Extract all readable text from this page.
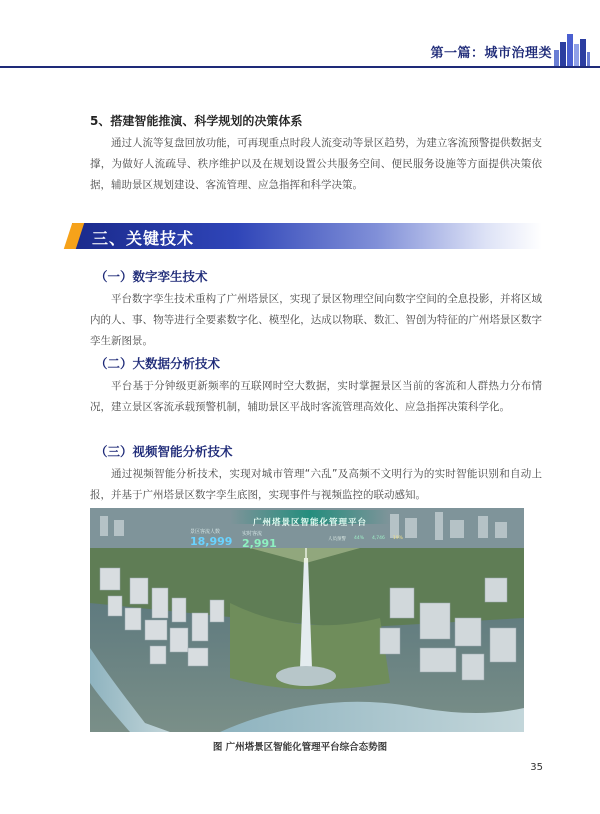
第一篇：城市治理类
5、搭建智能推演、科学规划的决策体系
通过人流等复盘回放功能，可再现重点时段人流变动等景区趋势，为建立客流预警提供数据支撑，为做好人流疏导、秩序维护以及在规划设置公共服务空间、便民服务设施等方面提供决策依据，辅助景区规划建设、客流管理、应急指挥和科学决策。
三、关键技术
（一）数字孪生技术
平台数字孪生技术重构了广州塔景区，实现了景区物理空间向数字空间的全息投影，并将区域内的人、事、物等进行全要素数字化、模型化，达成以物联、数汇、智创为特征的广州塔景区数字孪生新图景。
（二）大数据分析技术
平台基于分钟级更新频率的互联网时空大数据，实时掌握景区当前的客流和人群热力分布情况，建立景区客流承载预警机制，辅助景区平战时客流管理高效化、应急指挥决策科学化。
（三）视频智能分析技术
通过视频智能分析技术，实现对城市管理“六乱”及高频不文明行为的实时智能识别和自动上报，并基于广州塔景区数字孪生底图，实现事件与视频监控的联动感知。
广州塔景区智能化管理平台
景区客流人数
18,999
实时客流
2,991	人员预警 44% 4,746 19%
图 广州塔景区智能化管理平台综合态势图
35
